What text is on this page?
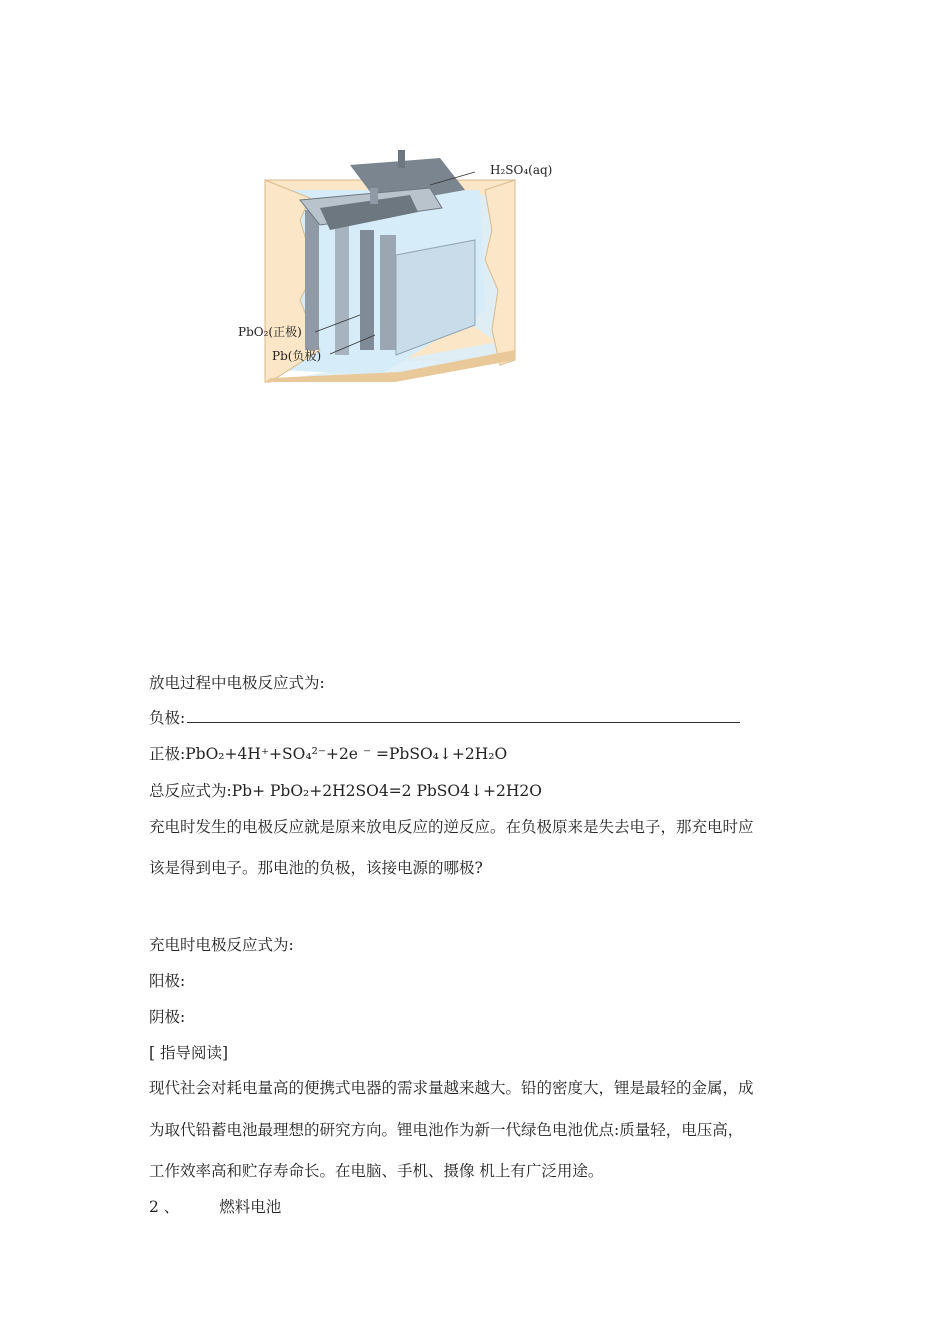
H₂SO₄(aq)
PbO₂(正极)
Pb(负极)
放电过程中电极反应式为:
负极:
正极:PbO₂+4H⁺+SO₄²⁻+2e ⁻ =PbSO₄↓+2H₂O
总反应式为:Pb+ PbO₂+2H2SO4=2 PbSO4↓+2H2O
充电时发生的电极反应就是原来放电反应的逆反应。在负极原来是失去电子，那充电时应
该是得到电子。那电池的负极，该接电源的哪极?
充电时电极反应式为:
阳极:
阴极:
[ 指导阅读]
现代社会对耗电量高的便携式电器的需求量越来越大。铅的密度大，锂是最轻的金属，成
为取代铅蓄电池最理想的研究方向。锂电池作为新一代绿色电池优点:质量轻，电压高，
工作效率高和贮存寿命长。在电脑、手机、摄像 机上有广泛用途。
2 、	燃料电池
